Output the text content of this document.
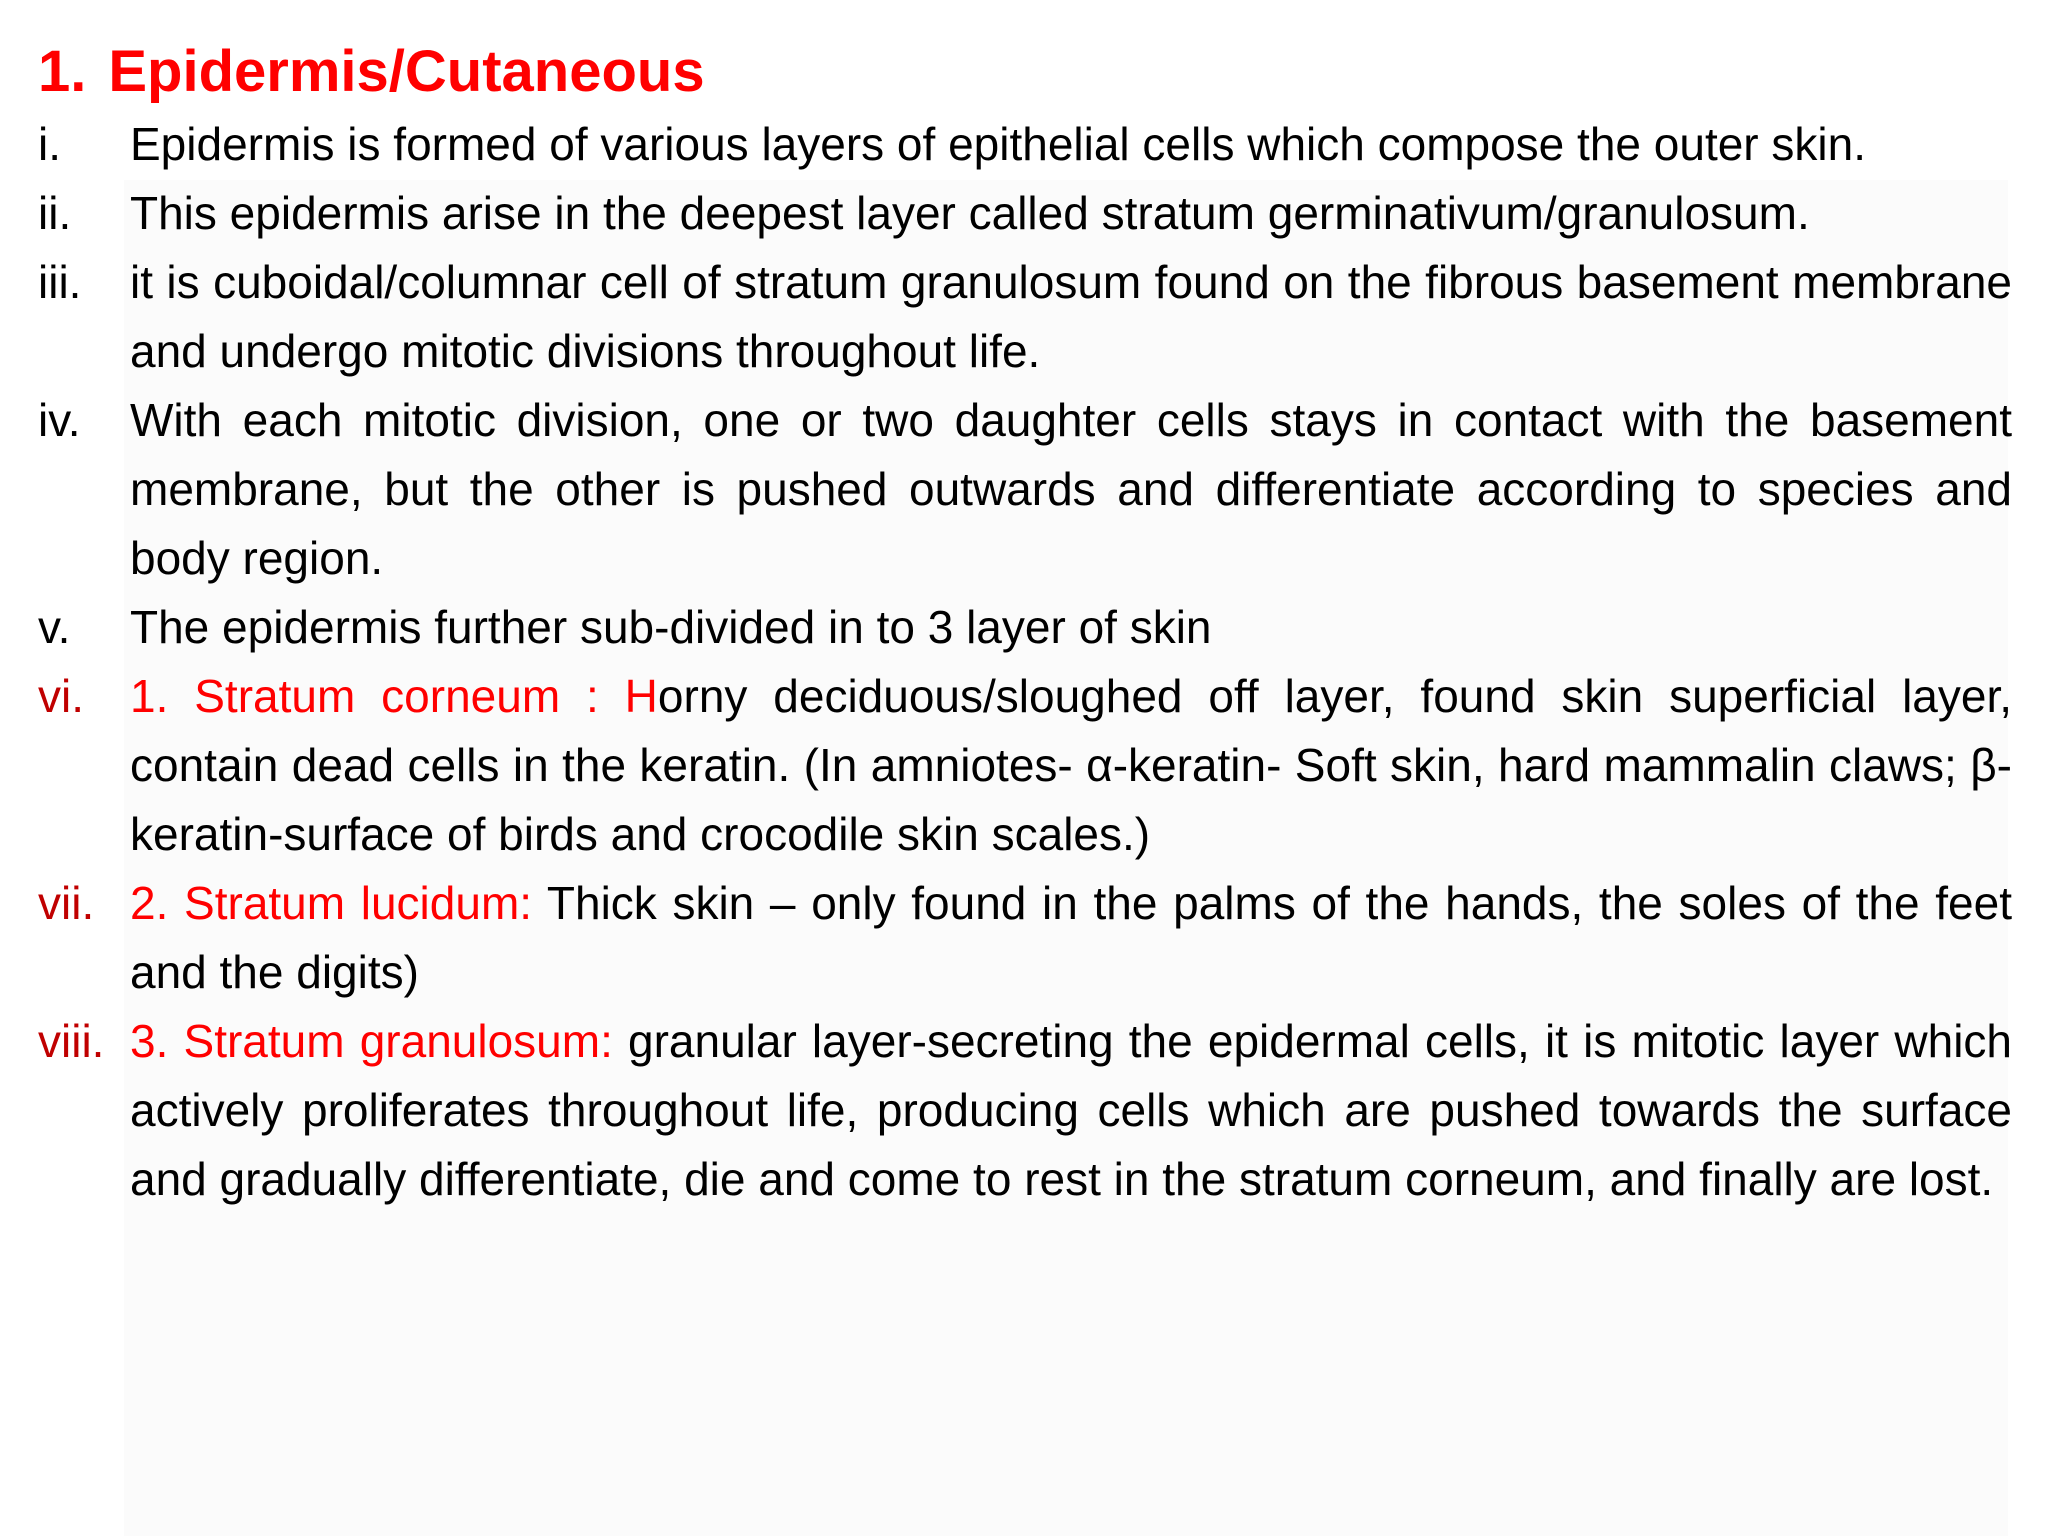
1. Epidermis/Cutaneous
i.	Epidermis is formed of various layers of epithelial cells which compose the outer skin.
ii.	This epidermis arise in the deepest layer called stratum germinativum/granulosum.
iii.	it is cuboidal/columnar cell of stratum granulosum found on the fibrous basement membrane and undergo mitotic divisions throughout life.
iv.	With each mitotic division, one or two daughter cells stays in contact with the basement membrane, but the other is pushed outwards and differentiate according to species and body region.
v.	The epidermis further sub-divided in to 3 layer of skin
vi.	1. Stratum corneum : Horny deciduous/sloughed off layer, found skin superficial layer, contain dead cells in the keratin. (In amniotes- α-keratin- Soft skin, hard mammalin claws; β-keratin-surface of birds and crocodile skin scales.)
vii. 2. Stratum lucidum: Thick skin – only found in the palms of the hands, the soles of the feet and the digits)
viii. 3. Stratum granulosum: granular layer-secreting the epidermal cells, it is mitotic layer which actively proliferates throughout life, producing cells which are pushed towards the surface and gradually differentiate, die and come to rest in the stratum corneum, and finally are lost.
